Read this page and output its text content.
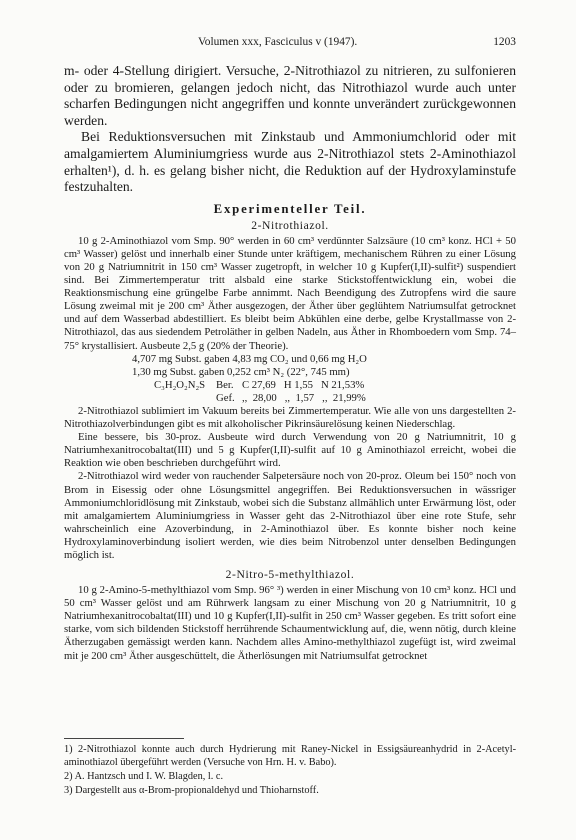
Volumen xxx, Fasciculus v (1947).	1203

m- oder 4-Stellung dirigiert. Versuche, 2-Nitrothiazol zu nitrieren, zu sulfonieren oder zu bromieren, gelangen jedoch nicht, das Nitrothiazol wurde auch unter scharfen Bedingungen nicht angegriffen und konnte unverändert zurückgewonnen werden.

Bei Reduktionsversuchen mit Zinkstaub und Ammoniumchlorid oder mit amalgamiertem Aluminiumgriess wurde aus 2-Nitrothiazol stets 2-Aminothiazol erhalten¹), d. h. es gelang bisher nicht, die Reduktion auf der Hydroxylaminstufe festzuhalten.

Experimenteller Teil.
2-Nitrothiazol.

10 g 2-Aminothiazol vom Smp. 90° werden in 60 cm³ verdünnter Salzsäure (10 cm³ konz. HCl + 50 cm³ Wasser) gelöst und innerhalb einer Stunde unter kräftigem, mechanischem Rühren zu einer Lösung von 20 g Natriumnitrit in 150 cm³ Wasser zugetropft, in welcher 10 g Kupfer(I,II)-sulfit²) suspendiert sind. Bei Zimmertemperatur tritt alsbald eine starke Stickstoffentwicklung ein, wobei die Reaktionsmischung eine grüngelbe Farbe annimmt. Nach Beendigung des Zutropfens wird die saure Lösung zweimal mit je 200 cm³ Äther ausgezogen, der Äther über geglühtem Natriumsulfat getrocknet und auf dem Wasserbad abdestilliert. Es bleibt beim Abkühlen eine derbe, gelbe Krystallmasse von 2-Nitrothiazol, das aus siedendem Petroläther in gelben Nadeln, aus Äther in Rhomboedern vom Smp. 74–75° krystallisiert. Ausbeute 2,5 g (20% der Theorie).

4,707 mg Subst. gaben 4,83 mg CO₂ und 0,66 mg H₂O
1,30 mg Subst. gaben 0,252 cm³ N₂ (22°, 745 mm)
C₃H₂O₂N₂S	Ber. C 27,69   H 1,55   N 21,53%
Gef. ,,  28,00   ,,  1,57   ,,  21,99%

2-Nitrothiazol sublimiert im Vakuum bereits bei Zimmertemperatur. Wie alle von uns dargestellten 2-Nitrothiazolverbindungen gibt es mit alkoholischer Pikrinsäurelösung keinen Niederschlag.

Eine bessere, bis 30-proz. Ausbeute wird durch Verwendung von 20 g Natriumnitrit, 10 g Natriumhexanitrocobaltat(III) und 5 g Kupfer(I,II)-sulfit auf 10 g Aminothiazol erreicht, wobei die Reaktion wie oben beschrieben durchgeführt wird.

2-Nitrothiazol wird weder von rauchender Salpetersäure noch von 20-proz. Oleum bei 150° noch von Brom in Eisessig oder ohne Lösungsmittel angegriffen. Bei Reduktionsversuchen in wässriger Ammoniumchloridlösung mit Zinkstaub, wobei sich die Substanz allmählich unter Erwärmung löst, oder mit amalgamiertem Aluminiumgriess in Wasser geht das 2-Nitrothiazol über eine rote Stufe, sehr wahrscheinlich eine Azoverbindung, in 2-Aminothiazol über. Es konnte bisher noch keine Hydroxylaminoverbindung isoliert werden, wie dies beim Nitrobenzol unter denselben Bedingungen möglich ist.

2-Nitro-5-methylthiazol.

10 g 2-Amino-5-methylthiazol vom Smp. 96° ³) werden in einer Mischung von 10 cm³ konz. HCl und 50 cm³ Wasser gelöst und am Rührwerk langsam zu einer Mischung von 20 g Natriumnitrit, 10 g Natriumhexanitrocobaltat(III) und 10 g Kupfer(I,II)-sulfit in 250 cm³ Wasser gegeben. Es tritt sofort eine starke, vom sich bildenden Stickstoff herrührende Schaumentwicklung auf, die, wenn nötig, durch kleine Ätherzugaben gemässigt werden kann. Nachdem alles Amino-methylthiazol zugefügt ist, wird zweimal mit je 200 cm³ Äther ausgeschüttelt, die Ätherlösungen mit Natriumsulfat getrocknet

1) 2-Nitrothiazol konnte auch durch Hydrierung mit Raney-Nickel in Essigsäureanhydrid in 2-Acetyl-aminothiazol übergeführt werden (Versuche von Hrn. H. v. Babo).

2) A. Hantzsch und I. W. Blagden, l. c.

3) Dargestellt aus α-Brom-propionaldehyd und Thioharnstoff.
